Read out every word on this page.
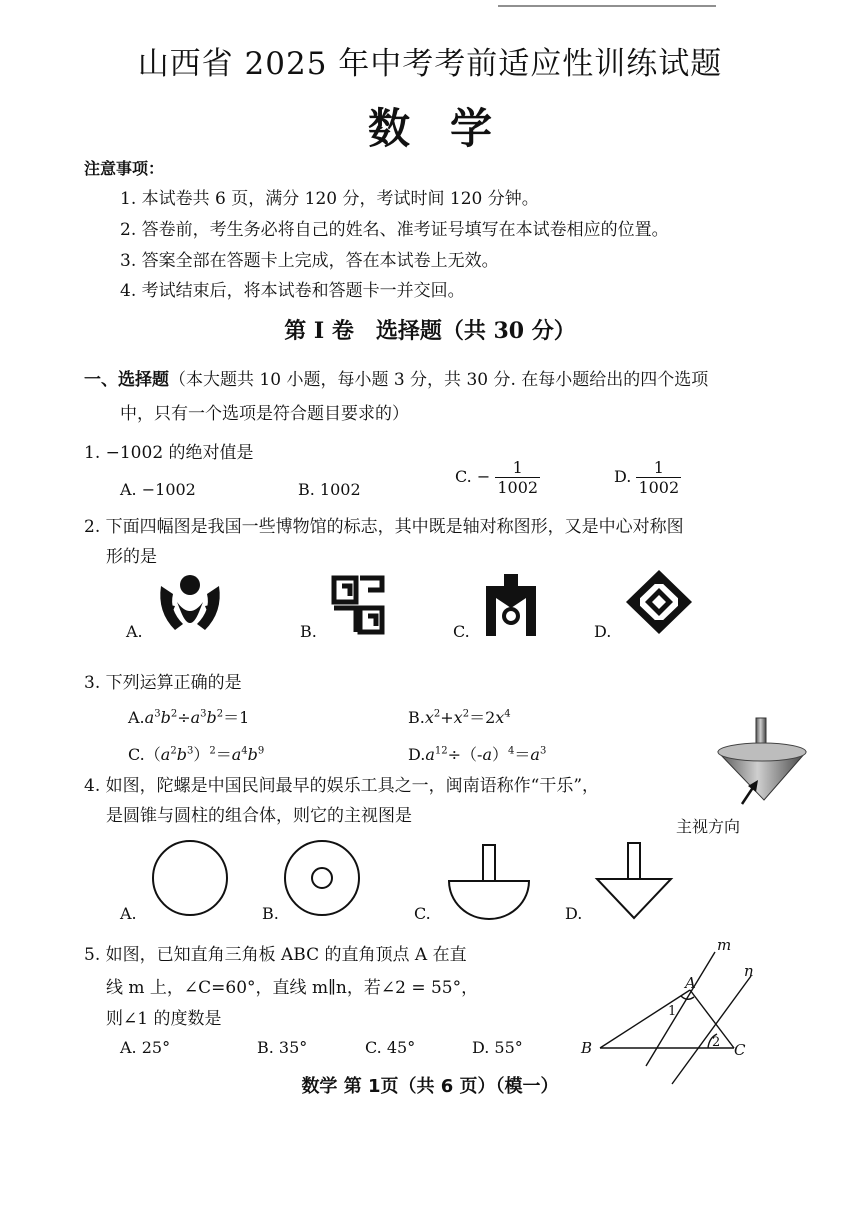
山西省 2025 年中考考前适应性训练试题
数学
注意事项：
1. 本试卷共 6 页，满分 120 分，考试时间 120 分钟。
2. 答卷前，考生务必将自己的姓名、准考证号填写在本试卷相应的位置。
3. 答案全部在答题卡上完成，答在本试卷上无效。
4. 考试结束后，将本试卷和答题卡一并交回。
第 I 卷　选择题（共 30 分）
一、选择题（本大题共 10 小题，每小题 3 分，共 30 分. 在每小题给出的四个选项
中，只有一个选项是符合题目要求的）
1. −1002 的绝对值是
A. −1002	B. 1002
C. − $\frac{1}{1002}$	D. $\frac{1}{1002}$
2. 下面四幅图是我国一些博物馆的标志，其中既是轴对称图形，又是中心对称图
形的是
A.	B.	C.	D.
3. 下列运算正确的是
$A.a^3b^2\div a^3b^2=1$	$B.x^2+x^2=2x^4$
$C.(a^2b^3)^2=a^4b^9$	$D.a^{12}\div(-a)^4=a^3$
4. 如图，陀螺是中国民间最早的娱乐工具之一，闽南语称作“干乐”，
是圆锥与圆柱的组合体，则它的主视图是
主视方向
A.	B.	C.	D.
5. 如图，已知直角三角板 ABC 的直角顶点 A 在直
线 m 上，∠C=60°，直线 m∥n，若∠2 = 55°，
则∠1 的度数是
A. 25°	B. 35°	C. 45°	D. 55°
m
n
A
B	C
1
2
数学 第 1页（共 6 页）（模一）
